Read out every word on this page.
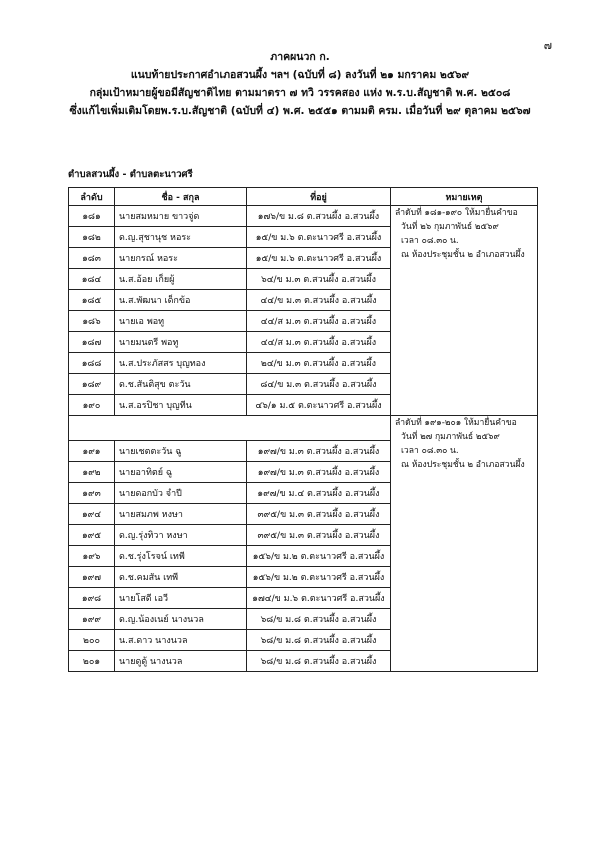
๗
ภาคผนวก ก.
แนบท้ายประกาศอำเภอสวนผึ้ง ฯลฯ (ฉบับที่ ๘) ลงวันที่ ๒๑ มกราคม ๒๕๖๙
กลุ่มเป้าหมายผู้ขอมีสัญชาติไทย ตามมาตรา ๗ ทวิ วรรคสอง แห่ง พ.ร.บ.สัญชาติ พ.ศ. ๒๕๐๘
ซึ่งแก้ไขเพิ่มเติมโดยพ.ร.บ.สัญชาติ (ฉบับที่ ๔) พ.ศ. ๒๕๕๑ ตามมติ ครม. เมื่อวันที่ ๒๙ ตุลาคม ๒๕๖๗
ตำบลสวนผึ้ง - ตำบลตะนาวศรี
ลำดับ	ชื่อ - สกุล	ที่อยู่	หมายเหตุ
๑๘๑	นายสมหมาย ขาวจู่ด	๑๗๖/ข ม.๘ ต.สวนผึ้ง อ.สวนผึ้ง	ลำดับที่ ๑๘๑-๑๙๐ ให้มายื่นคำขอ
วันที่ ๒๖ กุมภาพันธ์ ๒๕๖๙
เวลา ๐๘.๓๐ น.
ณ ห้องประชุมชั้น ๒ อำเภอสวนผึ้ง

๑๘๒	ด.ญ.สุชานุช หอระ	๑๕/ข ม.๖ ต.ตะนาวศรี อ.สวนผึ้ง	
๑๘๓	นายกรณ์ หอระ	๑๕/ข ม.๖ ต.ตะนาวศรี อ.สวนผึ้ง	
๑๘๔	น.ส.อ้อย เก็ยผู้	๖๔/ข ม.๓ ต.สวนผึ้ง อ.สวนผึ้ง	
๑๘๕	น.ส.พัฒนา เด็กข้อ	๔๔/ข ม.๓ ต.สวนผึ้ง อ.สวนผึ้ง	
๑๘๖	นายเอ พอทู	๔๔/ส ม.๓ ต.สวนผึ้ง อ.สวนผึ้ง	
๑๘๗	นายมนตรี พอทู	๔๔/ส ม.๓ ต.สวนผึ้ง อ.สวนผึ้ง	
๑๘๘	น.ส.ประภัสสร บุญทอง	๒๔/ข ม.๓ ต.สวนผึ้ง อ.สวนผึ้ง	
๑๘๙	ด.ช.สันติสุข ตะวัน	๘๔/ข ม.๓ ต.สวนผึ้ง อ.สวนผึ้ง	
๑๙๐	น.ส.อรปิชา บุญทีน	๔๖/๑ ม.๕ ต.ตะนาวศรี อ.สวนผึ้ง	

			ลำดับที่ ๑๙๑-๒๐๑ ให้มายื่นคำขอ
วันที่ ๒๗ กุมภาพันธ์ ๒๕๖๙
เวลา ๐๘.๓๐ น.
ณ ห้องประชุมชั้น ๒ อำเภอสวนผึ้ง

๑๙๑	นายเชตตะวัน ฉู	๑๙๗/ข ม.๓ ต.สวนผึ้ง อ.สวนผึ้ง	
๑๙๒	นายอาทิตย์ ฉู	๑๙๗/ข ม.๓ ต.สวนผึ้ง อ.สวนผึ้ง	
๑๙๓	นายดอกบัว จำปี	๑๙๗/ข ม.๔ ต.สวนผึ้ง อ.สวนผึ้ง	
๑๙๔	นายสมภพ หงษา	๓๙๕/ข ม.๓ ต.สวนผึ้ง อ.สวนผึ้ง	
๑๙๕	ด.ญ.รุ่งทิวา หงษา	๓๙๕/ข ม.๓ ต.สวนผึ้ง อ.สวนผึ้ง	
๑๙๖	ด.ช.รุ่งโรจน์ เทพี	๑๕๖/ข ม.๒ ต.ตะนาวศรี อ.สวนผึ้ง	
๑๙๗	ด.ช.คมสัน เทพี	๑๕๖/ข ม.๒ ต.ตะนาวศรี อ.สวนผึ้ง	
๑๙๘	นายโสดี เอวี	๑๗๔/ข ม.๖ ต.ตะนาวศรี อ.สวนผึ้ง	
๑๙๙	ด.ญ.น้องเนย์ นางนวล	๖๘/ข ม.๘ ต.สวนผึ้ง อ.สวนผึ้ง	
๒๐๐	น.ส.ดาว นางนวล	๖๘/ข ม.๘ ต.สวนผึ้ง อ.สวนผึ้ง	
๒๐๑	นายดูดู้ นางนวล	๖๘/ข ม.๘ ต.สวนผึ้ง อ.สวนผึ้ง	
